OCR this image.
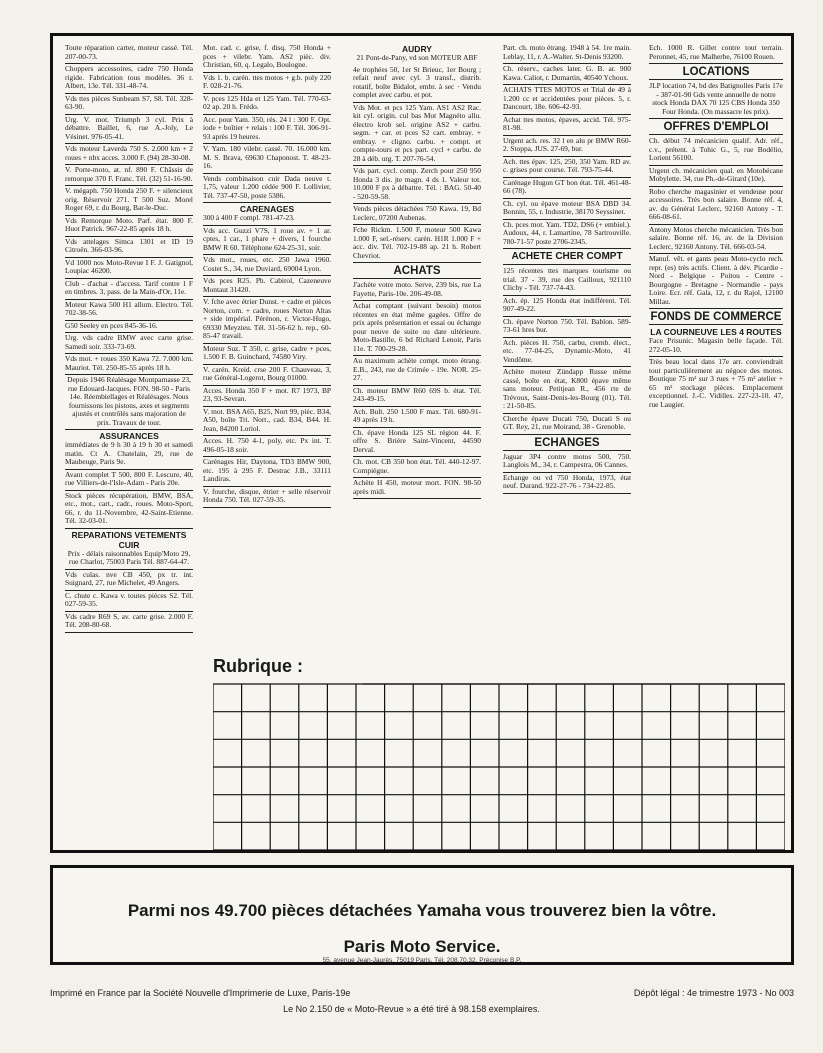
Toute réparation carter, moteur cassé. Tél. 207-00-73.
Choppers accessoires, cadre 750 Honda rigide. Fabrication tous modèles. 36 r. Albert, 13e. Tél. 331-48-74.
Vds ttes pièces Sunbeam S7, S8. Tél. 328-63-90.
Urg. V. mot. Triumph 3 cyl. Prix à débattre. Baillet, 6, rue A.-Joly, Le Vésinet. 976-05-41.
Vds moteur Laverda 750 S. 2.000 km + 2 roues + nbx acces. 3.000 F. (94) 28-30-08.
V. Porte-moto, at. nf. 890 F. Châssis de remorque 370 F. Franc. Tél. (32) 51-16-90.
V. mégaph. 750 Honda 250 F. + silencieux orig. Réservoir 271. T 500 Suz. Morel Roger 69, r. du Bourg, Bar-le-Duc.
Vds Remorque Moto. Parf. état. 800 F. Huot Patrick. 967-22-85 après 18 h.
Vds attelages Simca 1301 et ID 19 Citroën. 366-03-96.
Vd 1000 nos Moto-Revue I F. J. Gatignol, Loupiac 46200.
Club - d'achat - d'access. Tarif contre 1 F en timbres. 3, pass. de la Main-d'Or, 11e.
Moteur Kawa 500 H1 allum. Electro. Tél. 702-38-56.
G50 Seeley en pces 845-36-16.
Urg. vds cadre BMW avec carte grise. Samedi soir. 333-73-69.
Vds mot. + roues 350 Kawa 72. 7.000 km. Mauriot. Tél. 250-85-55 après 18 h.
Depuis 1946 Réalésage Montparnasse 23, rue Edouard-Jacques. FON. 98-50 - Paris 14e. Réembiellages et Réalésages. Nous fournissons les pistons, axes et segments ajustés et contrôlés sans majoration de prix. Travaux de tour.
ASSURANCES
immédiates de 9 h 30 à 19 h 30 et samedi matin. Ct A. Chatelain, 29, rue de Maubeuge, Paris 9e.
Avant complet T 500, 800 F. Lescure, 40, rue Villiers-de-l'Isle-Adam - Paris 20e.
Stock pièces récupération, BMW, BSA, etc., mot., cart., cadr., roues. Moto-Sport, 66, r. du 11-Novembre, 42-Saint-Etienne. Tél. 32-03-01.
REPARATIONS VETEMENTS CUIR
Prix - délais raisonnables Equip'Moto 29, rue Charlot, 75003 Paris Tél. 887-64-47.
Vds culas. nve CB 450, px tr. int. Suignard, 27, rue Michelet, 49 Angers.
C. chute c. Kawa v. toutes pièces S2. Tél. 027-59-35.
Vds cadre R69 S, av. carte grise. 2.000 F. Tél. 208-80-68.
Mot. cad. c. grise, f. disq. 750 Honda + pces + vilebr. Yam. AS2 pièc. div. Christian, 60, q. Legalo, Boulogne.
Vds 1. b. carén. ttes motos + g.b. poly 220 F. 028-21-76.
V. pces 125 Hda et 125 Yam. Tél. 770-63-02 ap. 20 h. Frédo.
Acc. pour Yam. 350, rés. 24 l : 300 F. Opt. iode + boîtier + relais : 100 F. Tél. 306-91-93 après 19 heures.
V. Yam. 180 vilebr. cassé. 70. 16.000 km. M. S. Brava, 69630 Chaponost. T. 48-23-16.
Vends combinaison cuir Dada neuve t. 1,75, valeur 1.200 cédée 900 F. Lollivier, Tél. 737-47-50, poste 5386.
CARENAGES
300 à 400 F compl. 781-47-23.
Vds acc. Guzzi V7S, 1 roue av. + 1 ar. cptes, 1 car., 1 phare + divers, 1 fourche BMW R 60. Téléphone 624-25-31, soir.
Vds mot., roues, etc. 250 Jawa 1960. Costet S., 34, rue Duviard, 69004 Lyon.
Vds pces R25. Ph. Cabirol, Cazeneuve Montaut 31420.
V. fche avec étrier Dunst. + cadre et pièces Norton, com. + cadre, roues Norton Altas + side impérial. Pérénon, r. Victor-Hugo, 69330 Meyzieu. Tél. 31-56-62 h. rep., 60-85-47 travail.
Moteur Suz. T 350, c. grise, cadre + pces, 1.500 F. B. Guinchard, 74580 Viry.
V. carén. Kreid. crse 200 F. Chauveau, 3, rue Général-Logerot, Bourg 01000.
Acces. Honda 350 F + mot. R7 1973, BP 23, 93-Sevran.
V. mot. BSA A65, B25, Nort 99, pièc. B34, A50, boîte Tri. Nort., cad. B34, B44. H. Jean, 84200 Loriol.
Acces. H. 750 4-1, poly, etc. Px int. T. 496-05-18 soir.
Carénages Hir, Daytona, TD3 BMW 900, etc. 195 à 295 F. Destrac J.B., 33111 Landiras.
V. fourche, disque, étrier + selle réservoir Honda 750. Tél. 027-59-35.
AUDRY
21 Pont-de-Pany, vd son MOTEUR ABF
4e trophées 50, 1er St Brieuc, 1er Bourg ; refait neuf avec cyl. 3 transf., distrib. rotatif, boîte Bidalot, embr. à sec · Vendu complet avec carbu. et pot.
Vds Mot. et pcs 125 Yam. AS1 AS2 Rac. kit cyl. origin. cul bas Mot Magnéto allu. électro krob sel. origine AS2 + carbu. segm. + car. et pces S2 cart. embray. + embray. + cligno. carbu. + compt. et compte-tours et pcs part. cycl + carbu. de 28 à déb. urg. T. 207-76-54.
Vds part. cycl. comp. Zerch pour 250 950 Honda 3 dis. jte magn. 4 ds 1. Valeur tot. 10.000 F px à débattre. Tél. : BAG. 50-40 - 520-59-58.
Vends pièces détachées 750 Kawa. 19, Bd Leclerc, 07200 Aubenas.
Fche Rickm. 1.500 F, moteur 500 Kawa 1.000 F, sel.-réserv. carén. H1R 1.000 F + acc. div. Tél. 702-19-88 ap. 21 h. Robert Chevriot.
ACHATS
J'achète votre moto. Serve, 239 bis, rue La Fayette, Paris-10e. 206-49-08.
Achat comptant (suivant besoin) motos récentes en état même gagées. Offre de prix après présentation et essai ou échange pour neuve de suite ou date ultérieure. Moto-Bastille, 6 bd Richard Lenoir, Paris 11e. T. 700-29-28.
Au maximum achète compt. moto étrang. E.B., 243, rue de Crimée - 19e. NOR. 25-27.
Ch. moteur BMW R60 69S b. état. Tél. 243-49-15.
Ach. Bult. 250 1.500 F max. Tél. 680-91-49 après 19 h.
Ch. épave Honda 125 SL région 44. F. offre S. Brière Saint-Vincent, 44590 Derval.
Ch. mot. CB 350 bon état. Tél. 440-12-97. Compiègne.
Achète H 450, moteur mort. FON. 98-50 après midi.
Part. ch. moto étrang. 1948 à 54. 1re main. Leblay, 11, r. A.-Walter. St-Denis 93200.
Ch. réserv., caches later. G. B. ar. 900 Kawa. Caliot, r. Dumartin, 40540 Ychoux.
ACHATS TTES MOTOS et Trial de 49 à 1.200 cc et accidentées pour pièces. 5, r. Dancourt, 18e. 606-42-93.
Achat ttes motos, épaves, accid. Tél. 975-81-98.
Urgent ach. res. 32 l en alu pr BMW R60-2. Stoppa, JUS. 27-69, bur.
Ach. ttes épav. 125, 250, 350 Yam. RD av. c. grises pour course. Tél. 793-75-44.
Carénage Hugon GT bon état. Tél. 461-48-66 (78).
Ch. cyl. ou épave moteur BSA DBD 34. Bonnin, 55, r. Industrie, 38170 Seyssinet.
Ch. pces mot. Yam. TD2, DS6 (+ embiel.). Audoux, 44, r. Lamartine, 78 Sartrouville. 780-71-57 poste 2706-2345.
ACHETE CHER COMPT
125 récentes ttes marques tourisme ou trial. 37 - 39, rue des Cailloux, 921110 Clichy - Tél. 737-74-43.
Ach. ép. 125 Honda état indifférent. Tél. 907-49-22.
Ch. épave Norton 750. Tél. Bablon. 589-73-61 hres bur.
Ach. pièces H. 750, carbu, cremb. élect., etc. 77-04-25, Dynamic-Moto, 41 Vendôme.
Achète moteur Zündapp Russe même cassé, boîte en état, K800 épave même sans moteur. Petitjean R., 456 rte de Trévoux, Saint-Denis-les-Bourg (01). Tél. : 21-50-85.
Cherche épave Ducati 750, Ducati S ou GT. Rey, 21, rue Moirand, 38 - Grenoble.
ECHANGES
Jaguar 3P4 contre motos 500, 750. Langlois M., 34, r. Campestra, 06 Cannes.
Echange ou vd 750 Honda, 1973, état neuf. Durand. 922-27-76 - 734-22-85.
Ech. 1000 R. Gillet contre tout terrain. Peronnet, 45, rue Malherbe, 76100 Rouen.
LOCATIONS
JLP location 74, bd des Batignolles Paris 17e - 387-01-90 Gds vente annuelle de notre stock Honda DAX 70 125 CBS Honda 350 Four Honda. (On massacre les prix).
OFFRES D'EMPLOI
Ch. début 74 mécanicien qualif. Adr. réf., c.v., prétent. à Tohic G., 5, rue Bodélio, Lorient 56100.
Urgent ch. mécanicien qual. en Motobécane Mobylette. 34, rue Ph.-de-Girard (10e).
Robo cherche magasinier et vendeuse pour accessoires. Très bon salaire. Bonne réf. 4, av. du Général Leclerc, 92160 Antony - T. 666-08-61.
Antony Motos cherche mécanicien. Très bon salaire. Bonne réf. 16, av. de la Division Leclerc, 92160 Antony. Tél. 666-03-54.
Manuf. vêt. et gants peau Moto-cyclo rech. repr. (es) très actifs. Client. à dév. Picardie - Nord - Belgique - Poitou - Centre - Bourgogne - Bretagne - Normandie - pays Loire. Ecr. réf. Gala, 12, r. du Rajol, 12100 Millau.
FONDS DE COMMERCE
LA COURNEUVE LES 4 ROUTES
Face Prisunic. Magasin belle façade. Tél. 272-05-10.
Très beau local dans 17e arr. conviendrait tout particulièrement au négoce des motos. Boutique 75 m² sur 3 rues + 75 m² atelier + 65 m² stockage pièces. Emplacement exceptionnel. J.-C. Vidilles. 227-23-10. 47, rue Laugier.
Rubrique :
Parmi nos 49.700 pièces détachées Yamaha vous trouverez bien la vôtre.
Paris Moto Service.
55, avenue Jean-Jaurès. 75019 Paris. Tél. 208.70.32. Préconise B.P.
Imprimé en France par la Société Nouvelle d'Imprimerie de Luxe, Paris-19e	Dépôt légal : 4e trimestre 1973 - No 003
Le No 2.150 de « Moto-Revue » a été tiré à 98.158 exemplaires.
